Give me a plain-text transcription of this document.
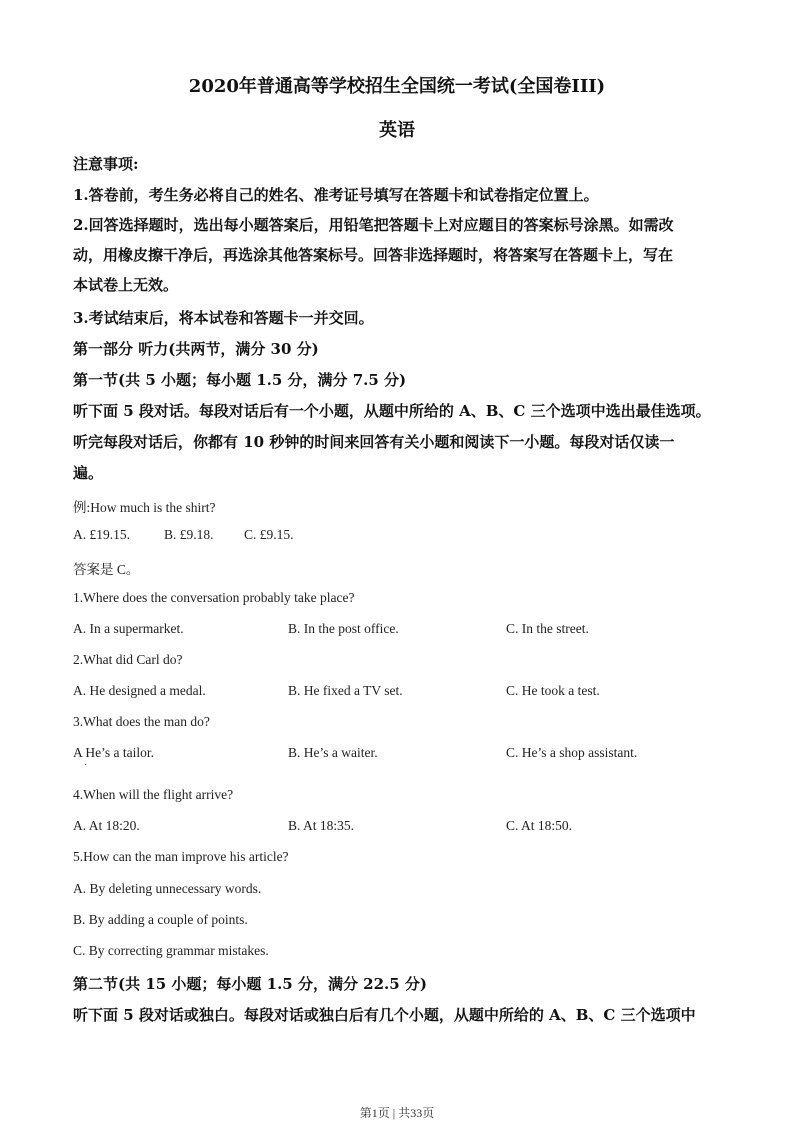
2020年普通高等学校招生全国统一考试(全国卷III)
英语
注意事项:
1.答卷前，考生务必将自己的姓名、准考证号填写在答题卡和试卷指定位置上。
2.回答选择题时，选出每小题答案后，用铅笔把答题卡上对应题目的答案标号涂黑。如需改
动，用橡皮擦干净后，再选涂其他答案标号。回答非选择题时，将答案写在答题卡上，写在
本试卷上无效。
3.考试结束后，将本试卷和答题卡一并交回。
第一部分 听力(共两节，满分 30 分)
第一节(共 5 小题；每小题 1.5 分，满分 7.5 分)
听下面 5 段对话。每段对话后有一个小题，从题中所给的 A、B、C 三个选项中选出最佳选项。
听完每段对话后，你都有 10 秒钟的时间来回答有关小题和阅读下一小题。每段对话仅读一
遍。
例:How much is the shirt?
A. £19.15.	B. £9.18. C. £9.15.
答案是 C。
1.Where does the conversation probably take place?
A. In a supermarket.	B. In the post office.	C. In the street.
2.What did Carl do?
A. He designed a medal.	B. He fixed a TV set.	C. He took a test.
3.What does the man do?
A He’s a tailor.	B. He’s a waiter.	C. He’s a shop assistant.
·
4.When will the flight arrive?
A. At 18:20.	B. At 18:35.	C. At 18:50.
5.How can the man improve his article?
A. By deleting unnecessary words.
B. By adding a couple of points.
C. By correcting grammar mistakes.
第二节(共 15 小题；每小题 1.5 分，满分 22.5 分)
听下面 5 段对话或独白。每段对话或独白后有几个小题，从题中所给的 A、B、C 三个选项中
第1页 | 共33页
